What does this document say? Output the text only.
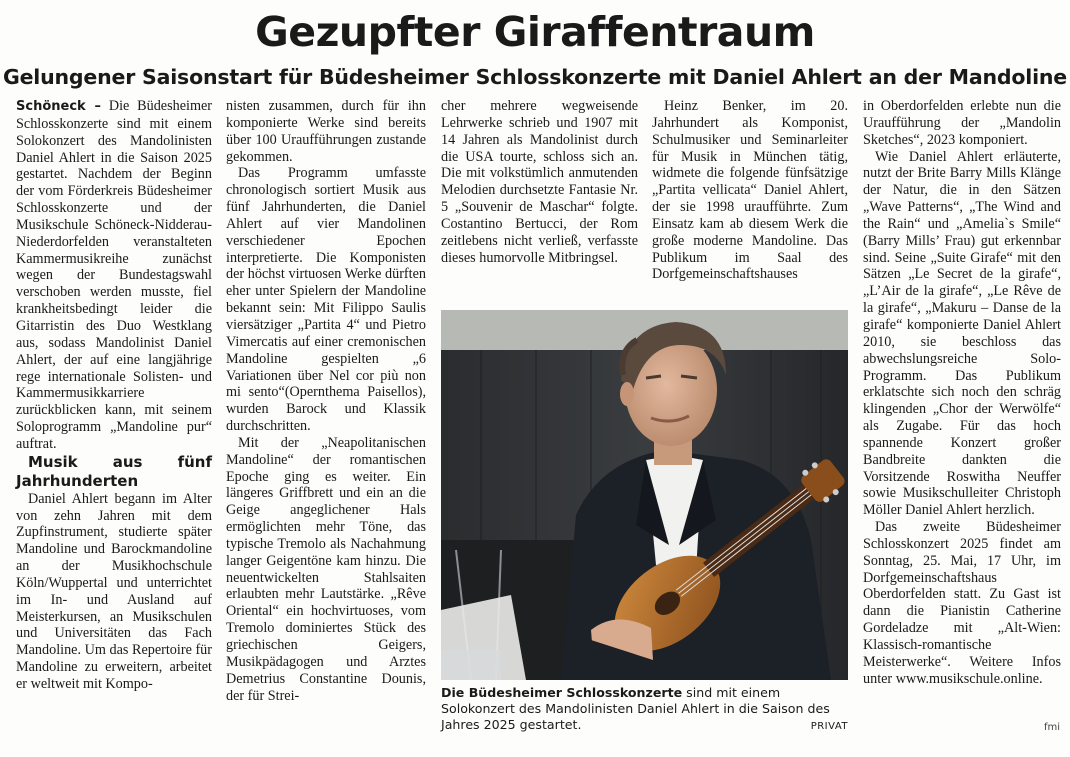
Gezupfter Giraffentraum
Gelungener Saisonstart für Büdesheimer Schlosskonzerte mit Daniel Ahlert an der Mandoline

Schöneck – Die Büdesheimer Schlosskonzerte sind mit einem Solokonzert des Mandolinisten Daniel Ahlert in die Saison 2025 gestartet. Nachdem der Beginn der vom Förderkreis Büdesheimer Schlosskonzerte und der Musikschule Schöneck-Nidderau-Niederdorfelden veranstalteten Kammermusikreihe zunächst wegen der Bundestagswahl verschoben werden musste, fiel krankheitsbedingt leider die Gitarristin des Duo Westklang aus, sodass Mandolinist Daniel Ahlert, der auf eine langjährige rege internationale Solisten- und Kammermusikkarriere zurückblicken kann, mit seinem Soloprogramm „Mandoline pur“ auftrat.

Musik aus fünf Jahrhunderten

Daniel Ahlert begann im Alter von zehn Jahren mit dem Zupfinstrument, studierte später Mandoline und Barockmandoline an der Musikhochschule Köln/Wuppertal und unterrichtet im In- und Ausland auf Meisterkursen, an Musikschulen und Universitäten das Fach Mandoline. Um das Repertoire für Mandoline zu erweitern, arbeitet er weltweit mit Kompo-

nisten zusammen, durch für ihn komponierte Werke sind bereits über 100 Uraufführungen zustande gekommen.

Das Programm umfasste chronologisch sortiert Musik aus fünf Jahrhunderten, die Daniel Ahlert auf vier Mandolinen verschiedener Epochen interpretierte. Die Komponisten der höchst virtuosen Werke dürften eher unter Spielern der Mandoline bekannt sein: Mit Filippo Saulis viersätziger „Partita 4“ und Pietro Vimercatis auf einer cremonischen Mandoline gespielten „6 Variationen über Nel cor più non mi sento“(Opernthema Paisellos), wurden Barock und Klassik durchschritten.

Mit der „Neapolitanischen Mandoline“ der romantischen Epoche ging es weiter. Ein längeres Griffbrett und ein an die Geige angeglichener Hals ermöglichten mehr Töne, das typische Tremolo als Nachahmung langer Geigentöne kam hinzu. Die neuentwickelten Stahlsaiten erlaubten mehr Lautstärke. „Rêve Oriental“ ein hochvirtuoses, vom Tremolo dominiertes Stück des griechischen Geigers, Musikpädagogen und Arztes Demetrius Constantine Dounis, der für Strei-

cher mehrere wegweisende Lehrwerke schrieb und 1907 mit 14 Jahren als Mandolinist durch die USA tourte, schloss sich an. Die mit volkstümlich anmutenden Melodien durchsetzte Fantasie Nr. 5 „Souvenir de Maschar“ folgte. Costantino Bertucci, der Rom zeitlebens nicht verließ, verfasste dieses humorvolle Mitbringsel.

Heinz Benker, im 20. Jahrhundert als Komponist, Schulmusiker und Seminarleiter für Musik in München tätig, widmete die folgende fünfsätzige „Partita vellicata“ Daniel Ahlert, der sie 1998 uraufführte. Zum Einsatz kam ab diesem Werk die große moderne Mandoline. Das Publikum im Saal des Dorfgemeinschaftshauses

in Oberdorfelden erlebte nun die Uraufführung der „Mandolin Sketches“, 2023 komponiert.

Wie Daniel Ahlert erläuterte, nutzt der Brite Barry Mills Klänge der Natur, die in den Sätzen „Wave Patterns“, „The Wind and the Rain“ und „Amelia`s Smile“ (Barry Mills’ Frau) gut erkennbar sind. Seine „Suite Girafe“ mit den Sätzen „Le Secret de la girafe“, „L’Air de la girafe“, „Le Rêve de la girafe“, „Makuru – Danse de la girafe“ komponierte Daniel Ahlert 2010, sie beschloss das abwechslungsreiche Solo-Programm. Das Publikum erklatschte sich noch den schräg klingenden „Chor der Werwölfe“ als Zugabe. Für das hoch spannende Konzert großer Bandbreite dankten die Vorsitzende Roswitha Neuffer sowie Musikschulleiter Christoph Möller Daniel Ahlert herzlich.

Das zweite Büdesheimer Schlosskonzert 2025 findet am Sonntag, 25. Mai, 17 Uhr, im Dorfgemeinschaftshaus Oberdorfelden statt. Zu Gast ist dann die Pianistin Catherine Gordeladze mit „Alt-Wien: Klassisch-romantische Meisterwerke“. Weitere Infos unter www.musikschule.online.

Die Büdesheimer Schlosskonzerte sind mit einem Solokonzert des Mandolinisten Daniel Ahlert in die Saison des Jahres 2025 gestartet.	PRIVAT	fmi
